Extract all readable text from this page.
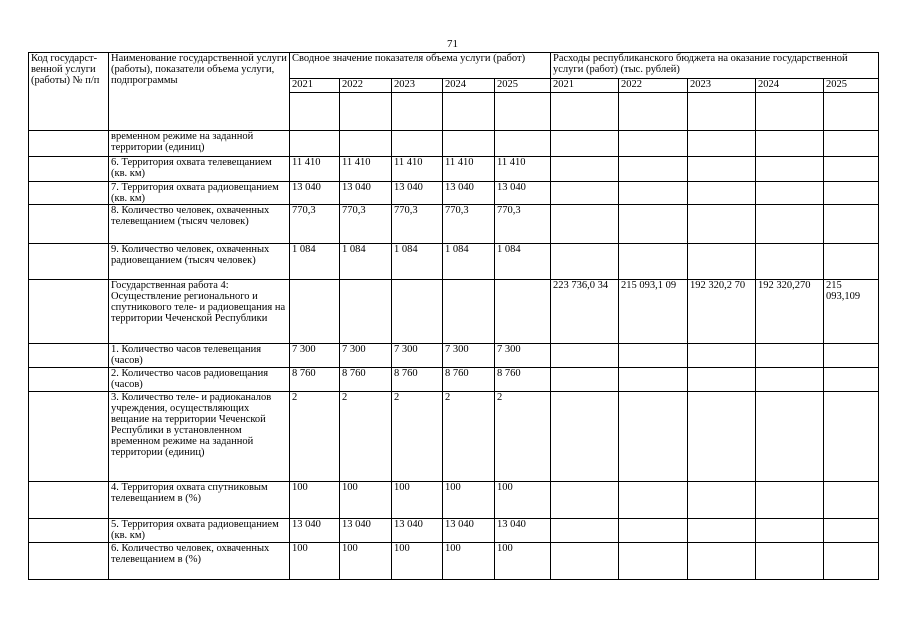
71
Код государст-венной услуги (работы) № п/п	Наименование государственной услуги (работы), показатели объема услуги, подпрограммы	Сводное значение показателя объема услуги (работ)					Расходы республиканского бюджета на оказание государственной услуги (работ) (тыс. рублей)				
		2021	2022	2023	2024	2025	2021	2022	2023	2024	2025

	временном режиме на заданной территории (единиц)										
	6. Территория охвата телевещанием (кв. км)	11 410	11 410	11 410	11 410	11 410					
	7. Территория охвата радиовещанием (кв. км)	13 040	13 040	13 040	13 040	13 040					
	8. Количество человек, охваченных телевещанием (тысяч человек)	770,3	770,3	770,3	770,3	770,3					
	9. Количество человек, охваченных радиовещанием (тысяч человек)	1 084	1 084	1 084	1 084	1 084					
	Государственная работа 4: Осуществление регионального и спутникового теле- и радиовещания на территории Чеченской Республики						223 736,0 34	215 093,1 09	192 320,2 70	192 320,270	215 093,109
	1. Количество часов телевещания (часов)	7 300	7 300	7 300	7 300	7 300					
	2. Количество часов радиовещания (часов)	8 760	8 760	8 760	8 760	8 760					
	3. Количество теле- и радиоканалов учреждения, осуществляющих вещание на территории Чеченской Республики в установленном временном режиме на заданной территории (единиц)	2	2	2	2	2					
	4. Территория охвата спутниковым телевещанием в (%)	100	100	100	100	100					
	5. Территория охвата радиовещанием (кв. км)	13 040	13 040	13 040	13 040	13 040					
	6. Количество человек, охваченных телевещанием в (%)	100	100	100	100	100					
